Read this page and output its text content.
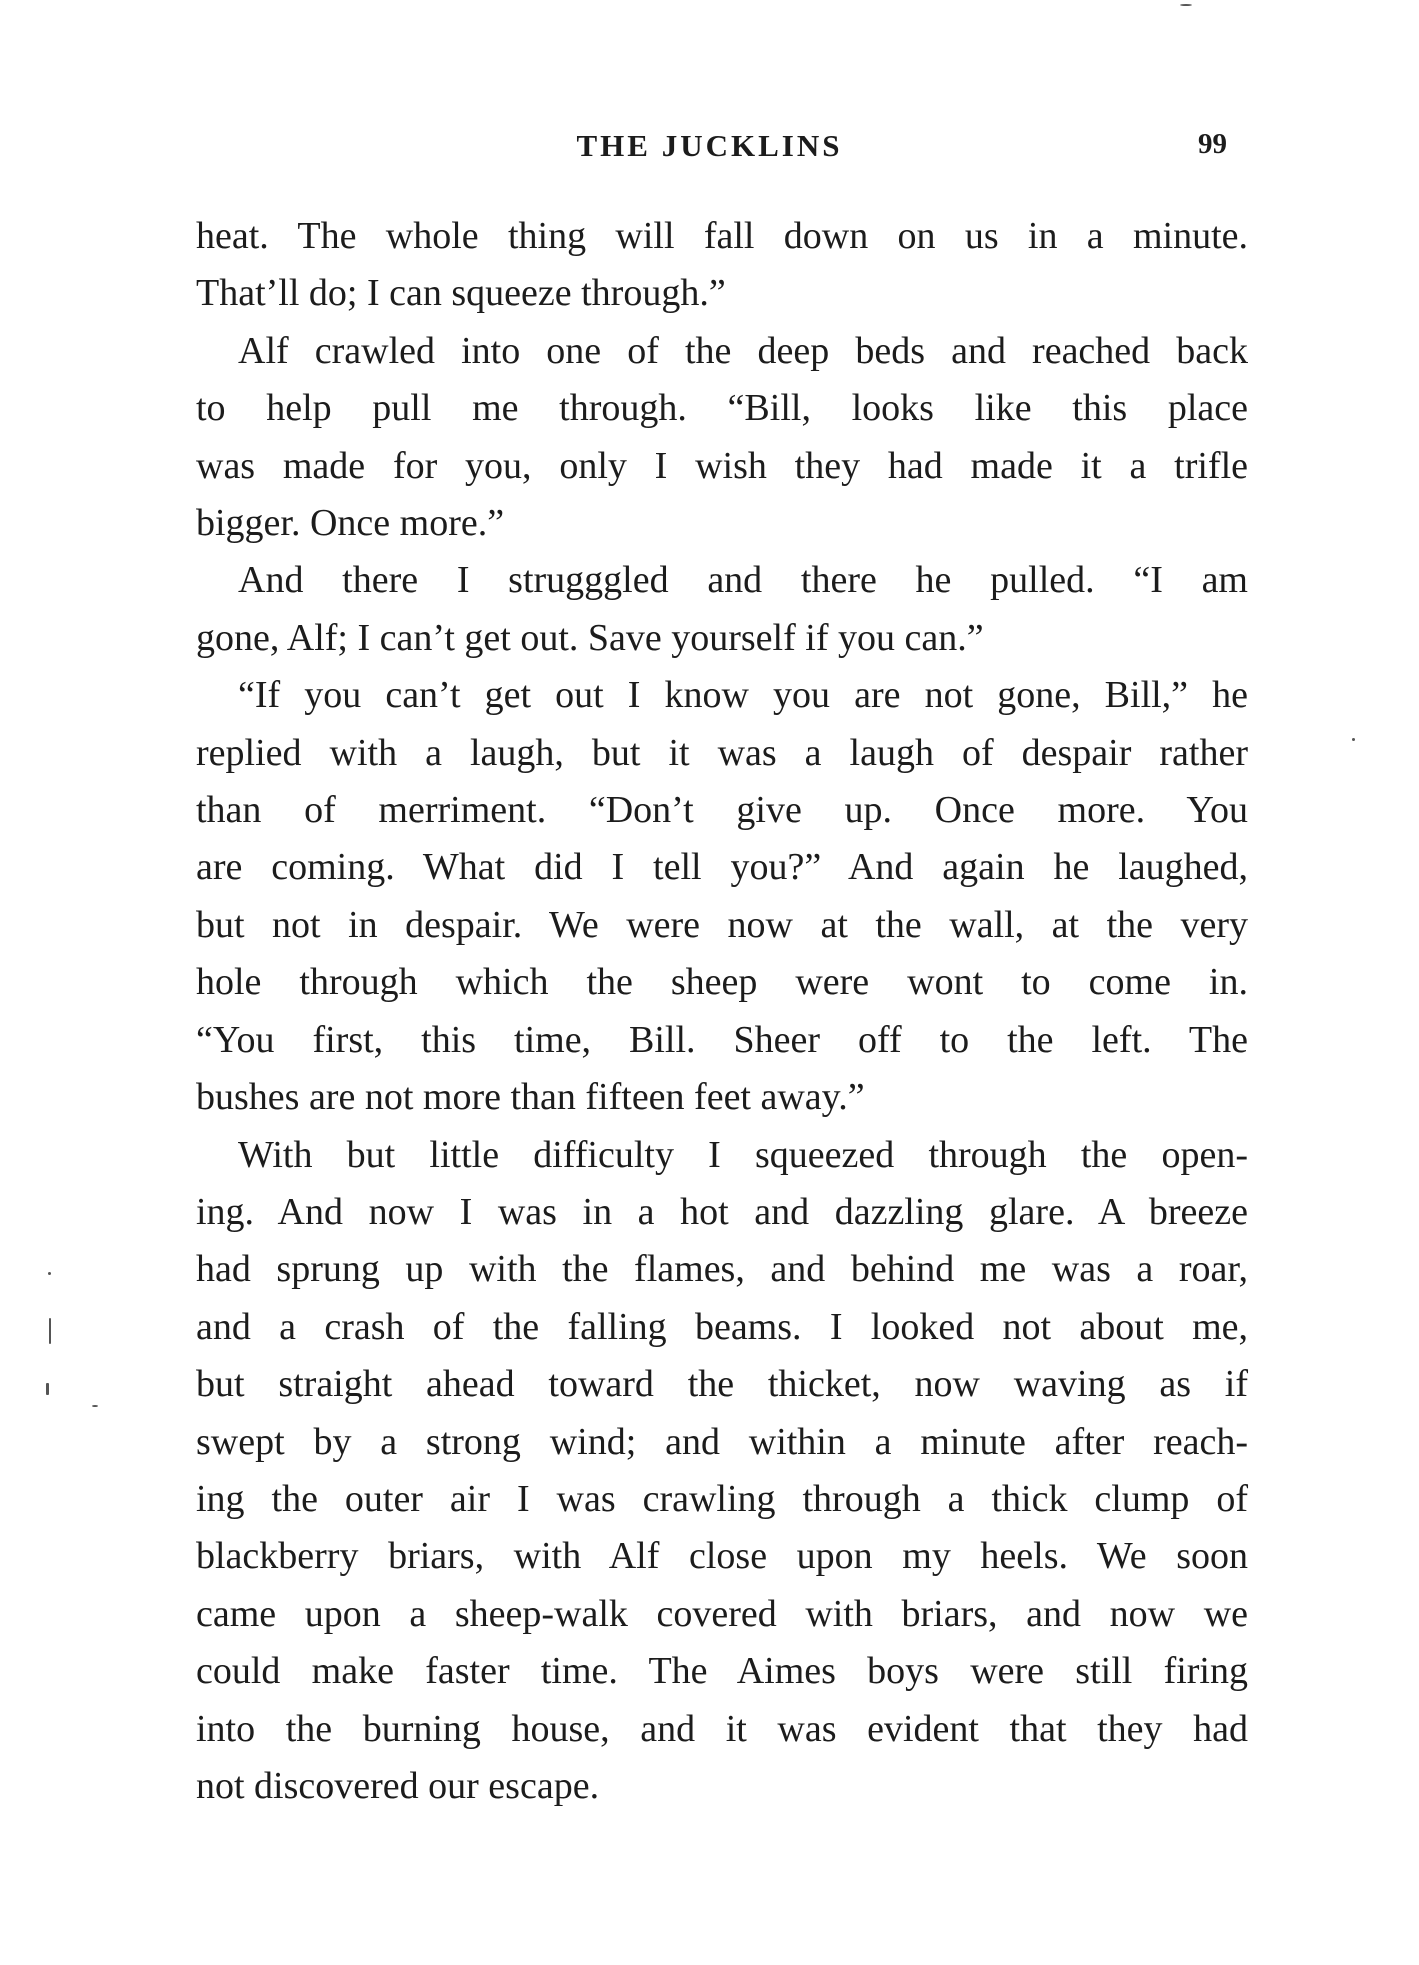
THE JUCKLINS	99
heat. The whole thing will fall down on us in a minute.
That’ll do; I can squeeze through.”
Alf crawled into one of the deep beds and reached back
to help pull me through. “Bill, looks like this place
was made for you, only I wish they had made it a trifle
bigger. Once more.”
And there I strugggled and there he pulled. “I am
gone, Alf; I can’t get out. Save yourself if you can.”
“If you can’t get out I know you are not gone, Bill,” he
replied with a laugh, but it was a laugh of despair rather
than of merriment. “Don’t give up. Once more. You
are coming. What did I tell you?” And again he laughed,
but not in despair. We were now at the wall, at the very
hole through which the sheep were wont to come in.
“You first, this time, Bill. Sheer off to the left. The
bushes are not more than fifteen feet away.”
With but little difficulty I squeezed through the open-
ing. And now I was in a hot and dazzling glare. A breeze
had sprung up with the flames, and behind me was a roar,
and a crash of the falling beams. I looked not about me,
but straight ahead toward the thicket, now waving as if
swept by a strong wind; and within a minute after reach-
ing the outer air I was crawling through a thick clump of
blackberry briars, with Alf close upon my heels. We soon
came upon a sheep-walk covered with briars, and now we
could make faster time. The Aimes boys were still firing
into the burning house, and it was evident that they had
not discovered our escape.
